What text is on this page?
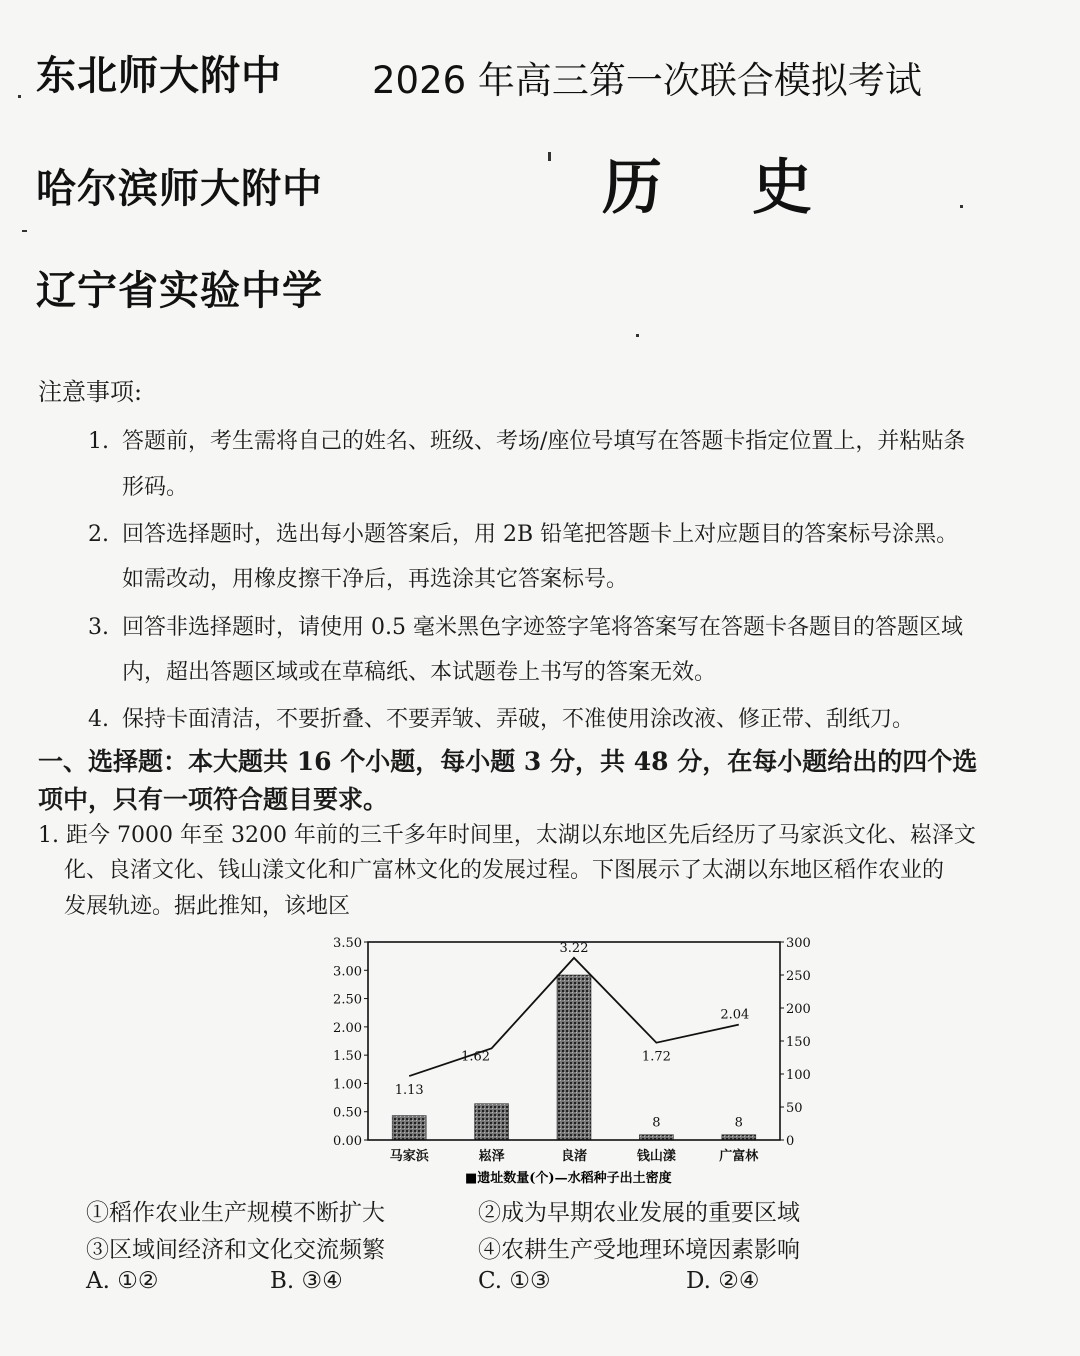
东北师大附中 2026 年高三第一次联合模拟考试
哈尔滨师大附中	历 史
辽宁省实验中学
注意事项:
1. 答题前，考生需将自己的姓名、班级、考场/座位号填写在答题卡指定位置上，并粘贴条
形码。
2. 回答选择题时，选出每小题答案后，用 2B 铅笔把答题卡上对应题目的答案标号涂黑。
如需改动，用橡皮擦干净后，再选涂其它答案标号。
3. 回答非选择题时，请使用 0.5 毫米黑色字迹签字笔将答案写在答题卡各题目的答题区域
内，超出答题区域或在草稿纸、本试题卷上书写的答案无效。
4. 保持卡面清洁，不要折叠、不要弄皱、弄破，不准使用涂改液、修正带、刮纸刀。
一、选择题：本大题共 16 个小题，每小题 3 分，共 48 分，在每小题给出的四个选
项中，只有一项符合题目要求。
1. 距今 7000 年至 3200 年前的三千多年时间里，太湖以东地区先后经历了马家浜文化、崧泽文
化、良渚文化、钱山漾文化和广富林文化的发展过程。下图展示了太湖以东地区稻作农业的
发展轨迹。据此推知，该地区
0.00
0.50
1.00
1.50
2.00
2.50
3.00
3.50
0
50
100
150
200
250
300
马家浜	崧泽	良渚	钱山漾	广富林
1.13
1.62
3.22
1.72
2.04
8	8
■遗址数量(个)—水稻种子出土密度
①稻作农业生产规模不断扩大	②成为早期农业发展的重要区域
③区域间经济和文化交流频繁	④农耕生产受地理环境因素影响
A. ①②	B. ③④	C. ①③	D. ②④
